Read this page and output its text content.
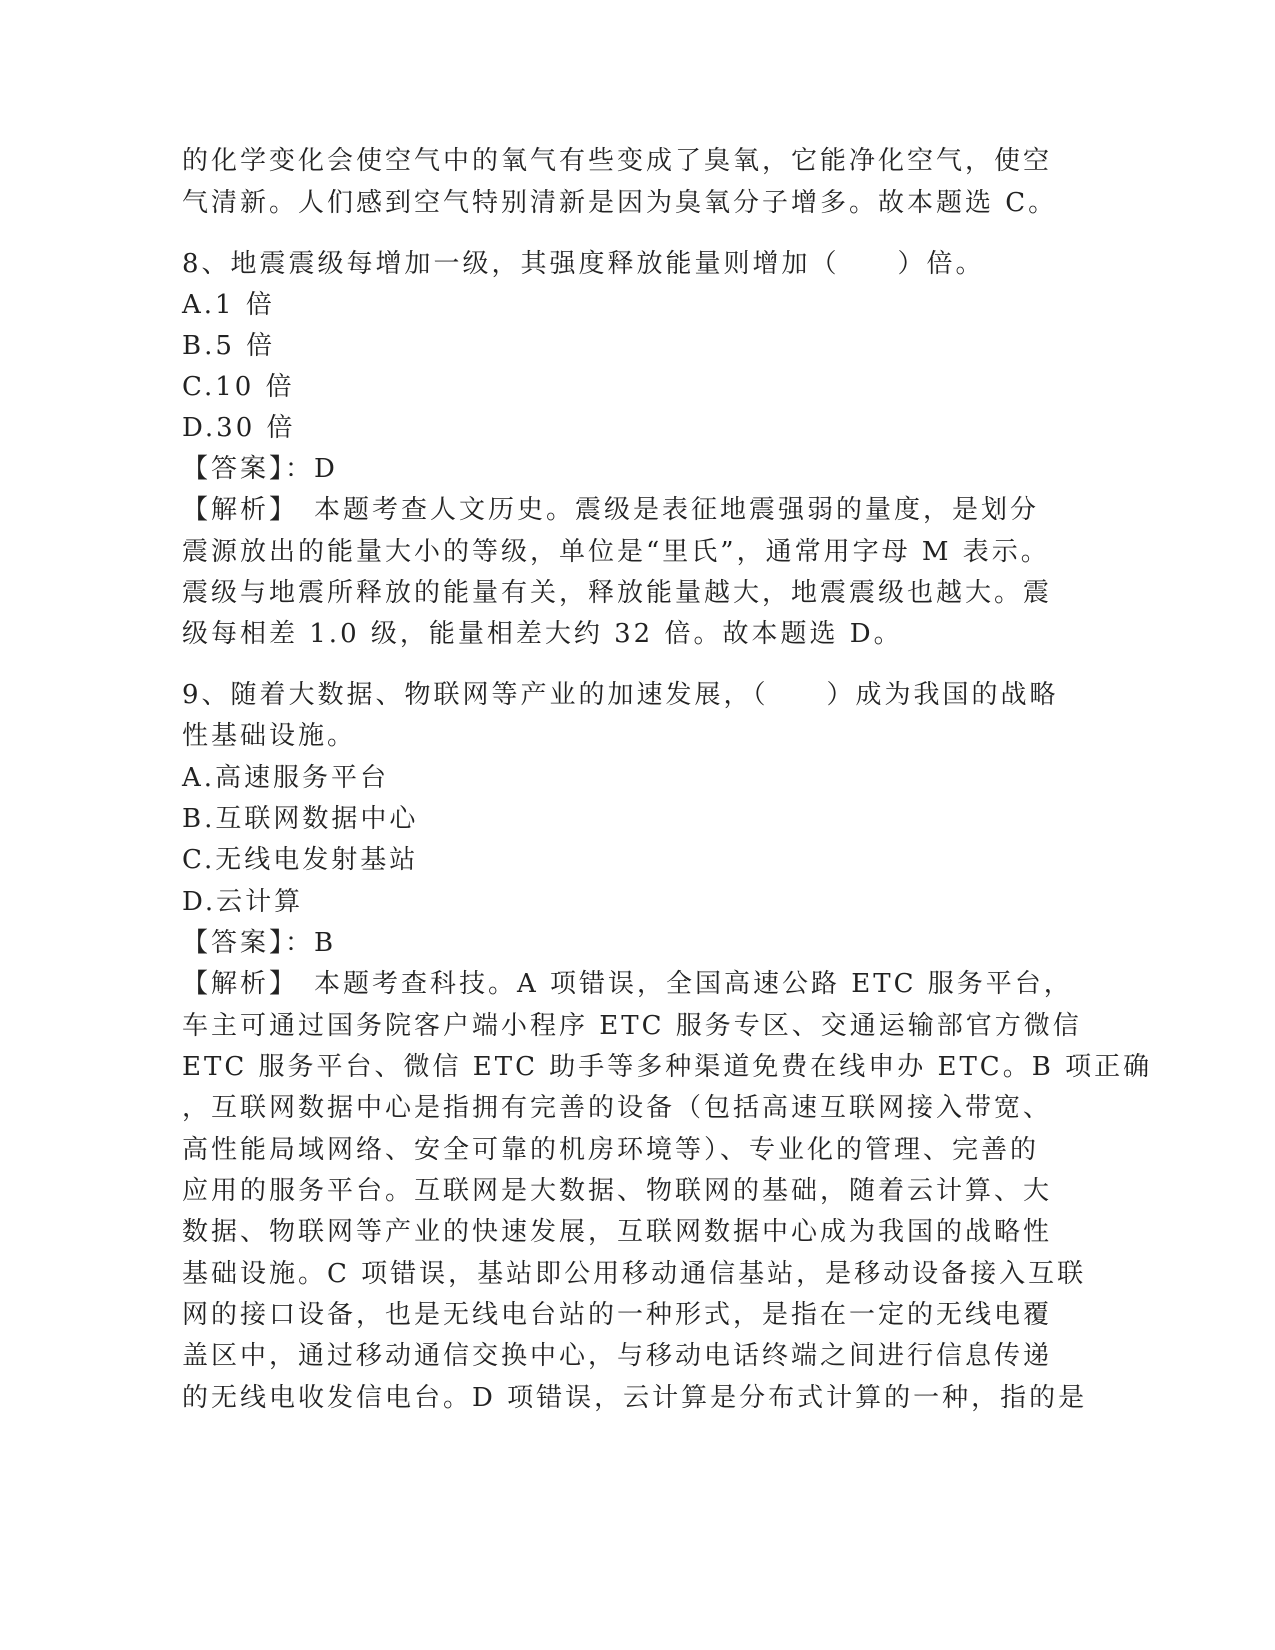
的化学变化会使空气中的氧气有些变成了臭氧，它能净化空气，使空
气清新。人们感到空气特别清新是因为臭氧分子增多。故本题选 C。
8、地震震级每增加一级，其强度释放能量则增加（　　）倍。
A.1 倍
B.5 倍
C.10 倍
D.30 倍
【答案】：D
【解析】　本题考查人文历史。震级是表征地震强弱的量度，是划分
震源放出的能量大小的等级，单位是“里氏”，通常用字母 M 表示。
震级与地震所释放的能量有关，释放能量越大，地震震级也越大。震
级每相差 1.0 级，能量相差大约 32 倍。故本题选 D。
9、随着大数据、物联网等产业的加速发展，（　　）成为我国的战略
性基础设施。
A.高速服务平台
B.互联网数据中心
C.无线电发射基站
D.云计算
【答案】：B
【解析】　本题考查科技。A 项错误，全国高速公路 ETC 服务平台，
车主可通过国务院客户端小程序 ETC 服务专区、交通运输部官方微信
ETC 服务平台、微信 ETC 助手等多种渠道免费在线申办 ETC。B 项正确
，互联网数据中心是指拥有完善的设备（包括高速互联网接入带宽、
高性能局域网络、安全可靠的机房环境等）、专业化的管理、完善的
应用的服务平台。互联网是大数据、物联网的基础，随着云计算、大
数据、物联网等产业的快速发展，互联网数据中心成为我国的战略性
基础设施。C 项错误，基站即公用移动通信基站，是移动设备接入互联
网的接口设备，也是无线电台站的一种形式，是指在一定的无线电覆
盖区中，通过移动通信交换中心，与移动电话终端之间进行信息传递
的无线电收发信电台。D 项错误，云计算是分布式计算的一种，指的是
